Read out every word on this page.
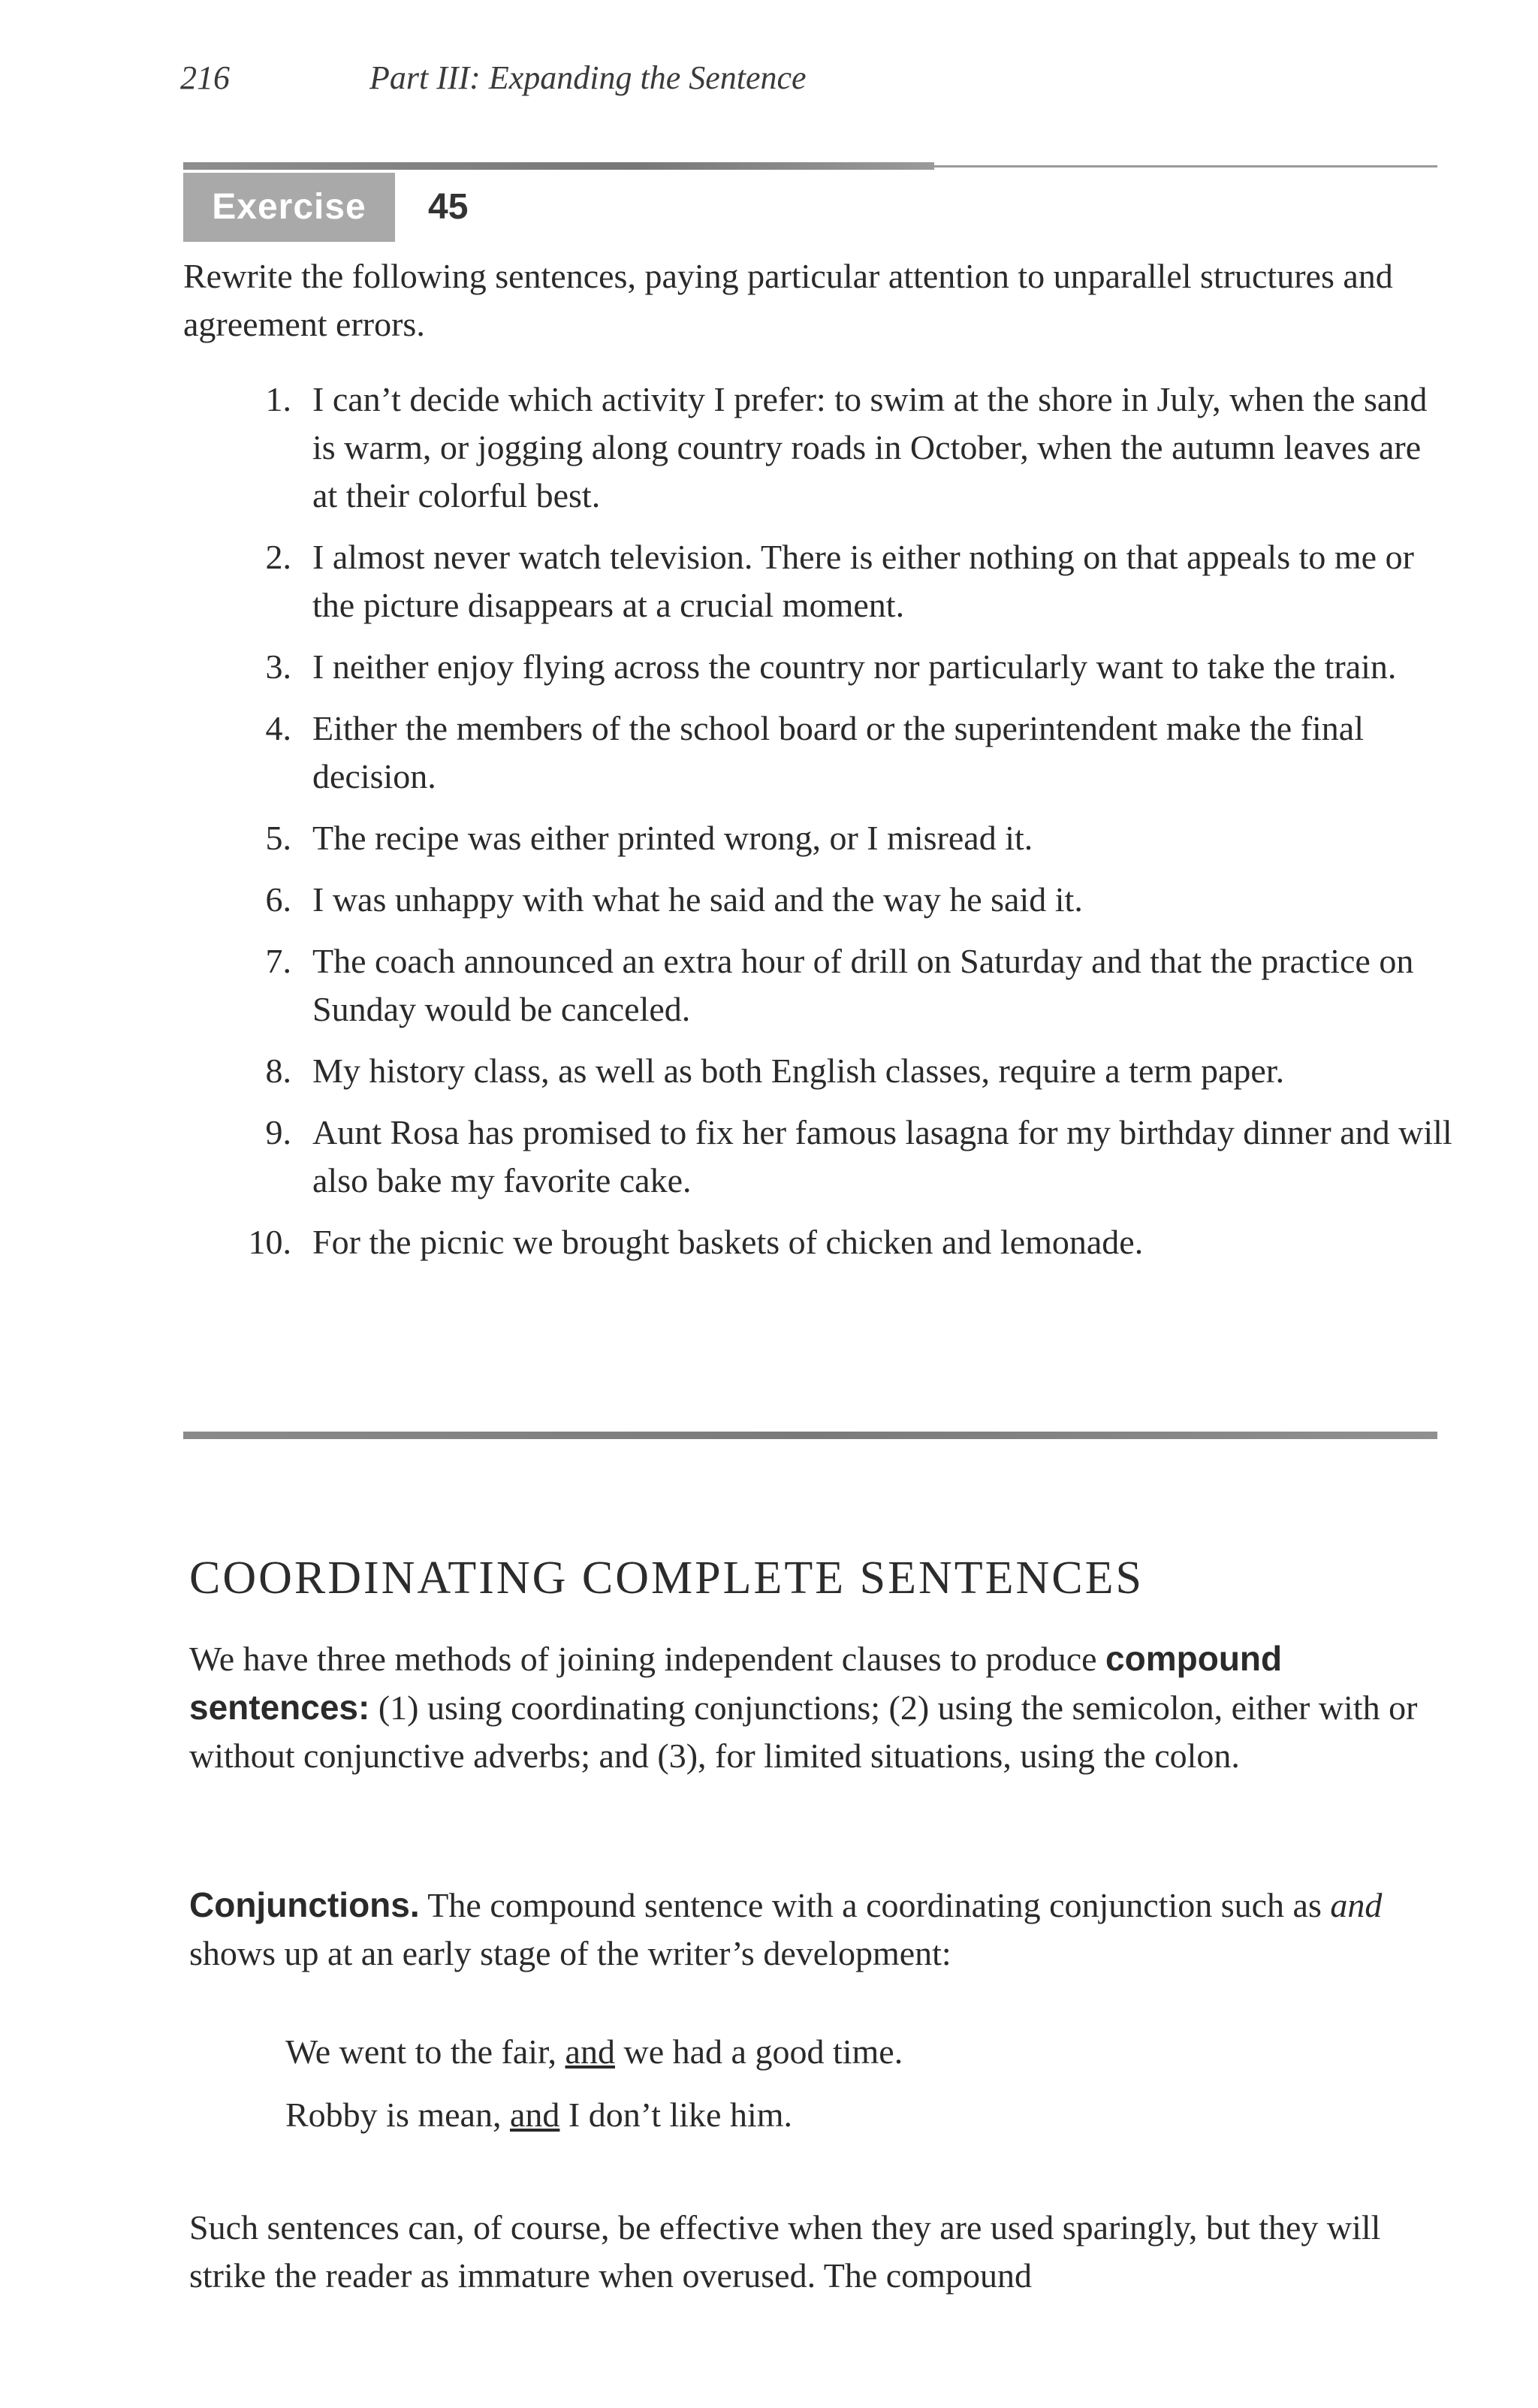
216	Part III: Expanding the Sentence
Exercise	45

Rewrite the following sentences, paying particular attention to unparallel structures and agreement errors.

1. I can’t decide which activity I prefer: to swim at the shore in July, when the sand is warm, or jogging along country roads in October, when the autumn leaves are at their colorful best.
2. I almost never watch television. There is either nothing on that appeals to me or the picture disappears at a crucial moment.
3. I neither enjoy flying across the country nor particularly want to take the train.
4. Either the members of the school board or the superintendent make the final decision.
5. The recipe was either printed wrong, or I misread it.
6. I was unhappy with what he said and the way he said it.
7. The coach announced an extra hour of drill on Saturday and that the practice on Sunday would be canceled.
8. My history class, as well as both English classes, require a term paper.
9. Aunt Rosa has promised to fix her famous lasagna for my birthday dinner and will also bake my favorite cake.
10. For the picnic we brought baskets of chicken and lemonade.
COORDINATING COMPLETE SENTENCES

We have three methods of joining independent clauses to produce compound sentences: (1) using coordinating conjunctions; (2) using the semicolon, either with or without conjunctive adverbs; and (3), for limited situations, using the colon.

Conjunctions. The compound sentence with a coordinating conjunction such as and shows up at an early stage of the writer’s development:

We went to the fair, and we had a good time.

Robby is mean, and I don’t like him.

Such sentences can, of course, be effective when they are used sparingly, but they will strike the reader as immature when overused. The compound
